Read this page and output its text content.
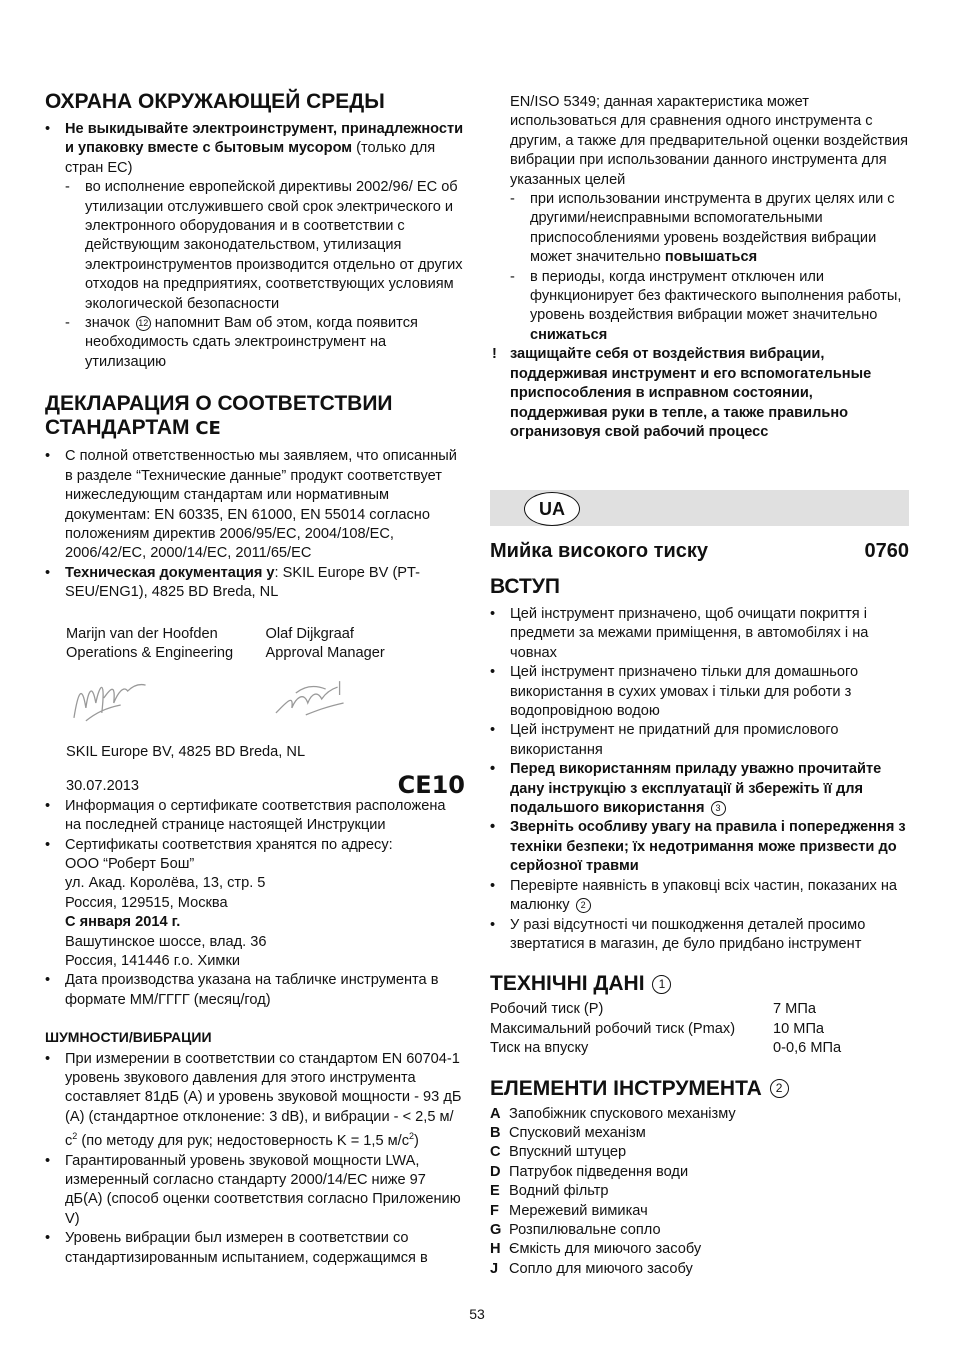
ОХРАНА ОКРУЖАЮЩЕЙ СРЕДЫ
• Не выкидывайте электроинструмент, принадлежности и упаковку вместе с бытовым мусором (только для стран ЕС)
- во исполнение европейской директивы 2002/96/ ЕС об утилизации отслужившего свой срок электрического и электронного оборудования и в соответствии с действующим законодательством, утилизация электроинструментов производится отдельно от других отходов на предприятиях, соответствующих условиям экологической безопасности
- значок 12 напомнит Вам об этом, когда появится необходимость сдать электроинструмент на утилизацию
ДЕКЛАРАЦИЯ О СООТВЕТСТВИИ
СТАНДАРТАМ CE
• С полной ответственностью мы заявляем, что описанный в разделе “Технические данные” продукт соответствует нижеследующим стандартам или нормативным документам: EN 60335, EN 61000, EN 55014 согласно положениям директив 2006/95/EC, 2004/108/EC, 2006/42/EC, 2000/14/EC, 2011/65/EC
• Техническая документация у: SKIL Europe BV (PT-SEU/ENG1), 4825 BD Breda, NL
Marijn van der Hoofden
Operations & Engineering
Olaf Dijkgraaf
Approval Manager
SKIL Europe BV, 4825 BD Breda, NL
30.07.2013	CE10
• Информация о сертификате соответствия расположена на последней странице настоящей Инструкции
• Сертификаты соответствия хранятся по адресу:
ООО “Роберт Бош”
ул. Акад. Королёва, 13, стр. 5
Россия, 129515, Москва
С января 2014 г.
Вашутинское шоссе, влад. 36
Россия, 141446 г.о. Химки
• Дата производства указана на табличке инструмента в формате ММ/ГГГГ (месяц/год)
ШУМНОСТИ/ВИБРАЦИИ
• При измерении в соответствии со стандартом EN 60704-1 уровень звукового давления для этого инструмента составляет 81дБ (A) и уровень звуковой мощности - 93 дБ (A) (стандартное отклонение: 3 dB), и вибрации - < 2,5 $м/с^2$ (по методу для рук; недостоверность K = 1,5 $м/с^2$)
• Гарантированный уровень звуковой мощности LWA, измеренный согласно стандарту 2000/14/EC ниже 97 дБ(A) (способ оценки соответствия согласно Приложению V)
• Уровень вибрации был измерен в соответствии со стандартизированным испытанием, содержащимся в
EN/ISO 5349; данная характеристика может использоваться для сравнения одного инструмента с другим, а также для предварительной оценки воздействия вибрации при использовании данного инструмента для указанных целей
- при использовании инструмента в других целях или с другими/неисправными вспомогательными приспособлениями уровень воздействия вибрации может значительно повышаться
- в периоды, когда инструмент отключен или функционирует без фактического выполнения работы, уровень воздействия вибрации может значительно снижаться
! защищайте себя от воздействия вибрации, поддерживая инструмент и его вспомогательные приспособления в исправном состоянии, поддерживая руки в тепле, а также правильно огранизовуя свой рабочий процесс
UA
Мийка високого тиску	0760
ВСТУП
• Цей інструмент призначено, щоб очищати покриття і предмети за межами приміщення, в автомобілях і на човнах
• Цей інструмент призначено тільки для домашнього використання в сухих умовах і тільки для роботи з водопровідною водою
• Цей інструмент не придатний для промислового використання
• Перед використанням приладу уважно прочитайте дану інструкцію з експлуатації й збережіть її для подальшого використання 3
• Зверніть особливу увагу на правила і попередження з техніки безпеки; їх недотримання може призвести до серйозної травми
• Перевірте наявність в упаковці всіх частин, показаних на малюнку 2
• У разі відсутності чи пошкодження деталей просимо звертатися в магазин, де було придбано інструмент
ТЕХНІЧНІ ДАНІ 1
Робочий тиск (P)	7 МПа
Максимальний робочий тиск (Pmax)	10 МПа
Тиск на впуску	0-0,6 МПа
ЕЛЕМЕНТИ ІНСТРУМЕНТА 2
A Запобіжник спускового механізму
B Спусковий механізм
C Впускний штуцер
D Патрубок підведення води
E Водний фільтр
F Мережевий вимикач
G Розпилювальне сопло
H Ємкість для миючого засобу
J Сопло для миючого засобу
53
